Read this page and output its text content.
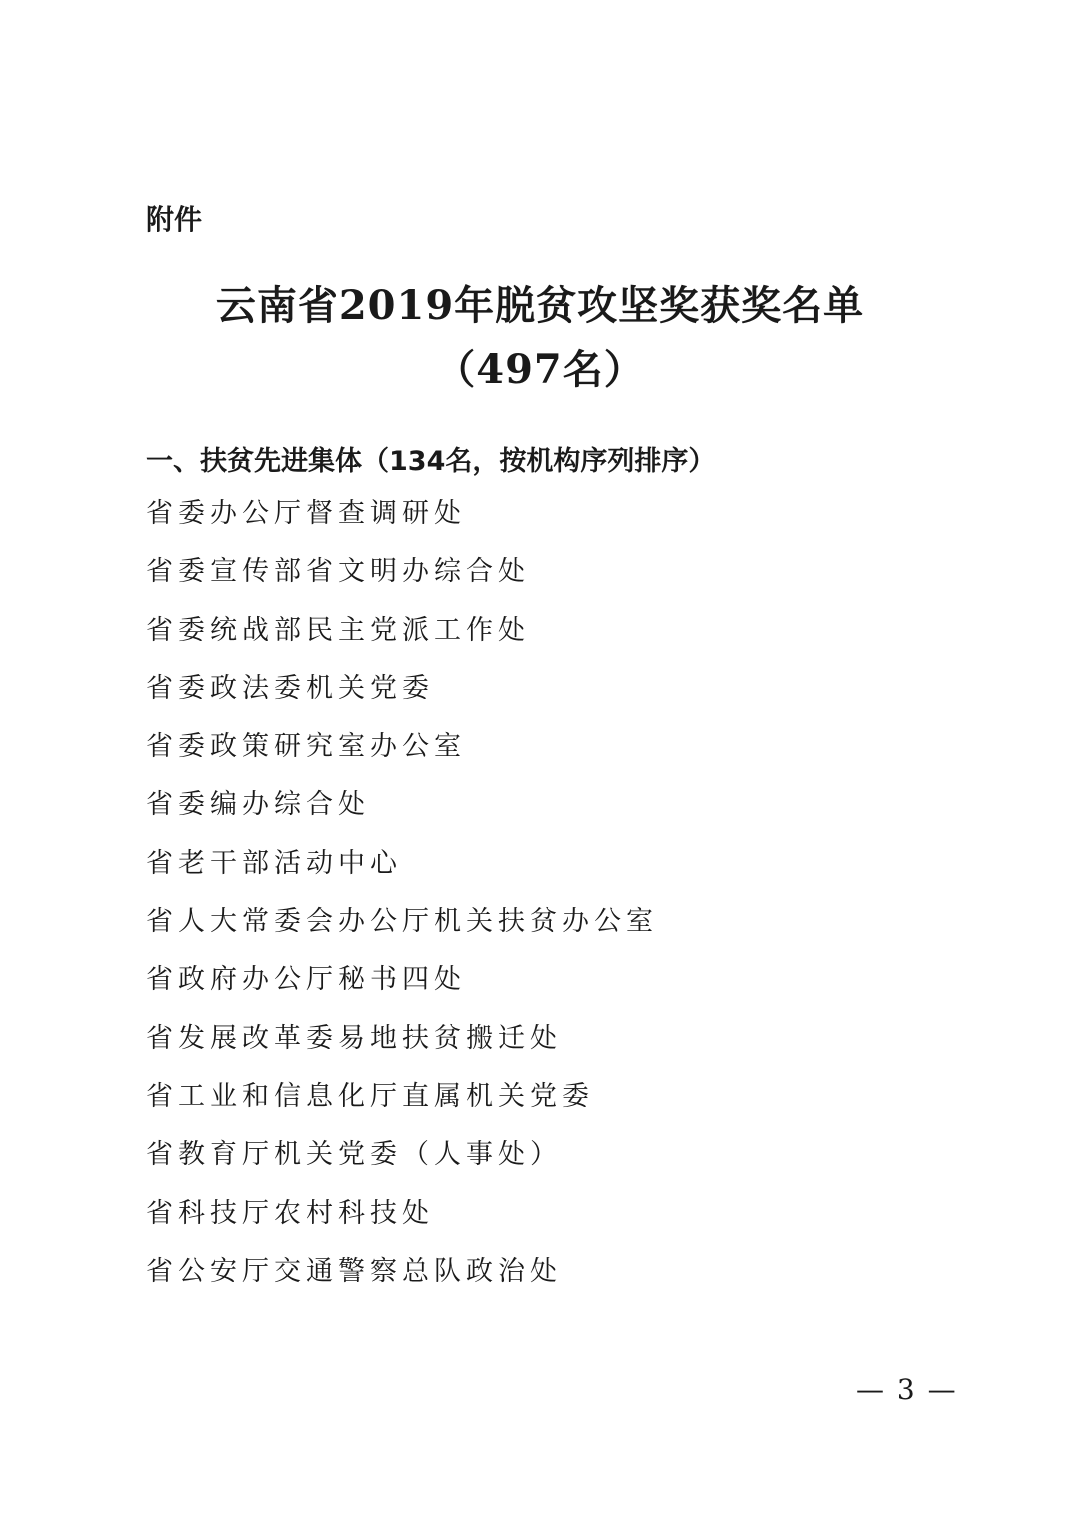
附件
云南省2019年脱贫攻坚奖获奖名单
（497名）
一、扶贫先进集体（134名，按机构序列排序）
省委办公厅督查调研处
省委宣传部省文明办综合处
省委统战部民主党派工作处
省委政法委机关党委
省委政策研究室办公室
省委编办综合处
省老干部活动中心
省人大常委会办公厅机关扶贫办公室
省政府办公厅秘书四处
省发展改革委易地扶贫搬迁处
省工业和信息化厅直属机关党委
省教育厅机关党委（人事处）
省科技厅农村科技处
省公安厅交通警察总队政治处
— 3 —
